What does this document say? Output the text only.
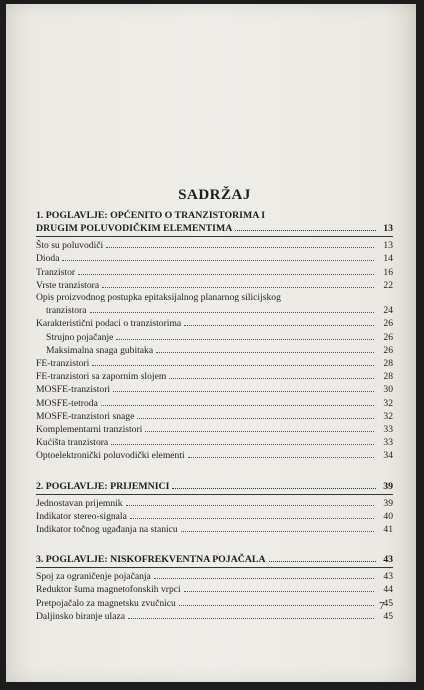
SADRŽAJ
1. POGLAVLJE: OPĆENITO O TRANZISTORIMA I
DRUGIM POLUVODIČKIM ELEMENTIMA	13
Što su poluvodiči	13
Dioda	14
Tranzistor	16
Vrste tranzistora	22
Opis proizvodnog postupka epitaksijalnog planarnog silicijskog
tranzistora	24
Karakteristični podaci o tranzistorima	26
Strujno pojačanje	26
Maksimalna snaga gubitaka	26
FE-tranzistori	28
FE-tranzistori sa zapornim slojem	28
MOSFE-tranzistori	30
MOSFE-tetroda	32
MOSFE-tranzistori snage	32
Komplementarni tranzistori	33
Kućišta tranzistora	33
Optoelektronički poluvodički elementi	34
2. POGLAVLJE: PRIJEMNICI	39
Jednostavan prijemnik	39
Indikator stereo-signala	40
Indikator točnog ugađanja na stanicu	41
3. POGLAVLJE: NISKOFREKVENTNA POJAČALA	43
Spoj za ograničenje pojačanja	43
Reduktor šuma magnetofonskih vrpci	44
Pretpojačalo za magnetsku zvučnicu	45
Daljinsko biranje ulaza	45
7
